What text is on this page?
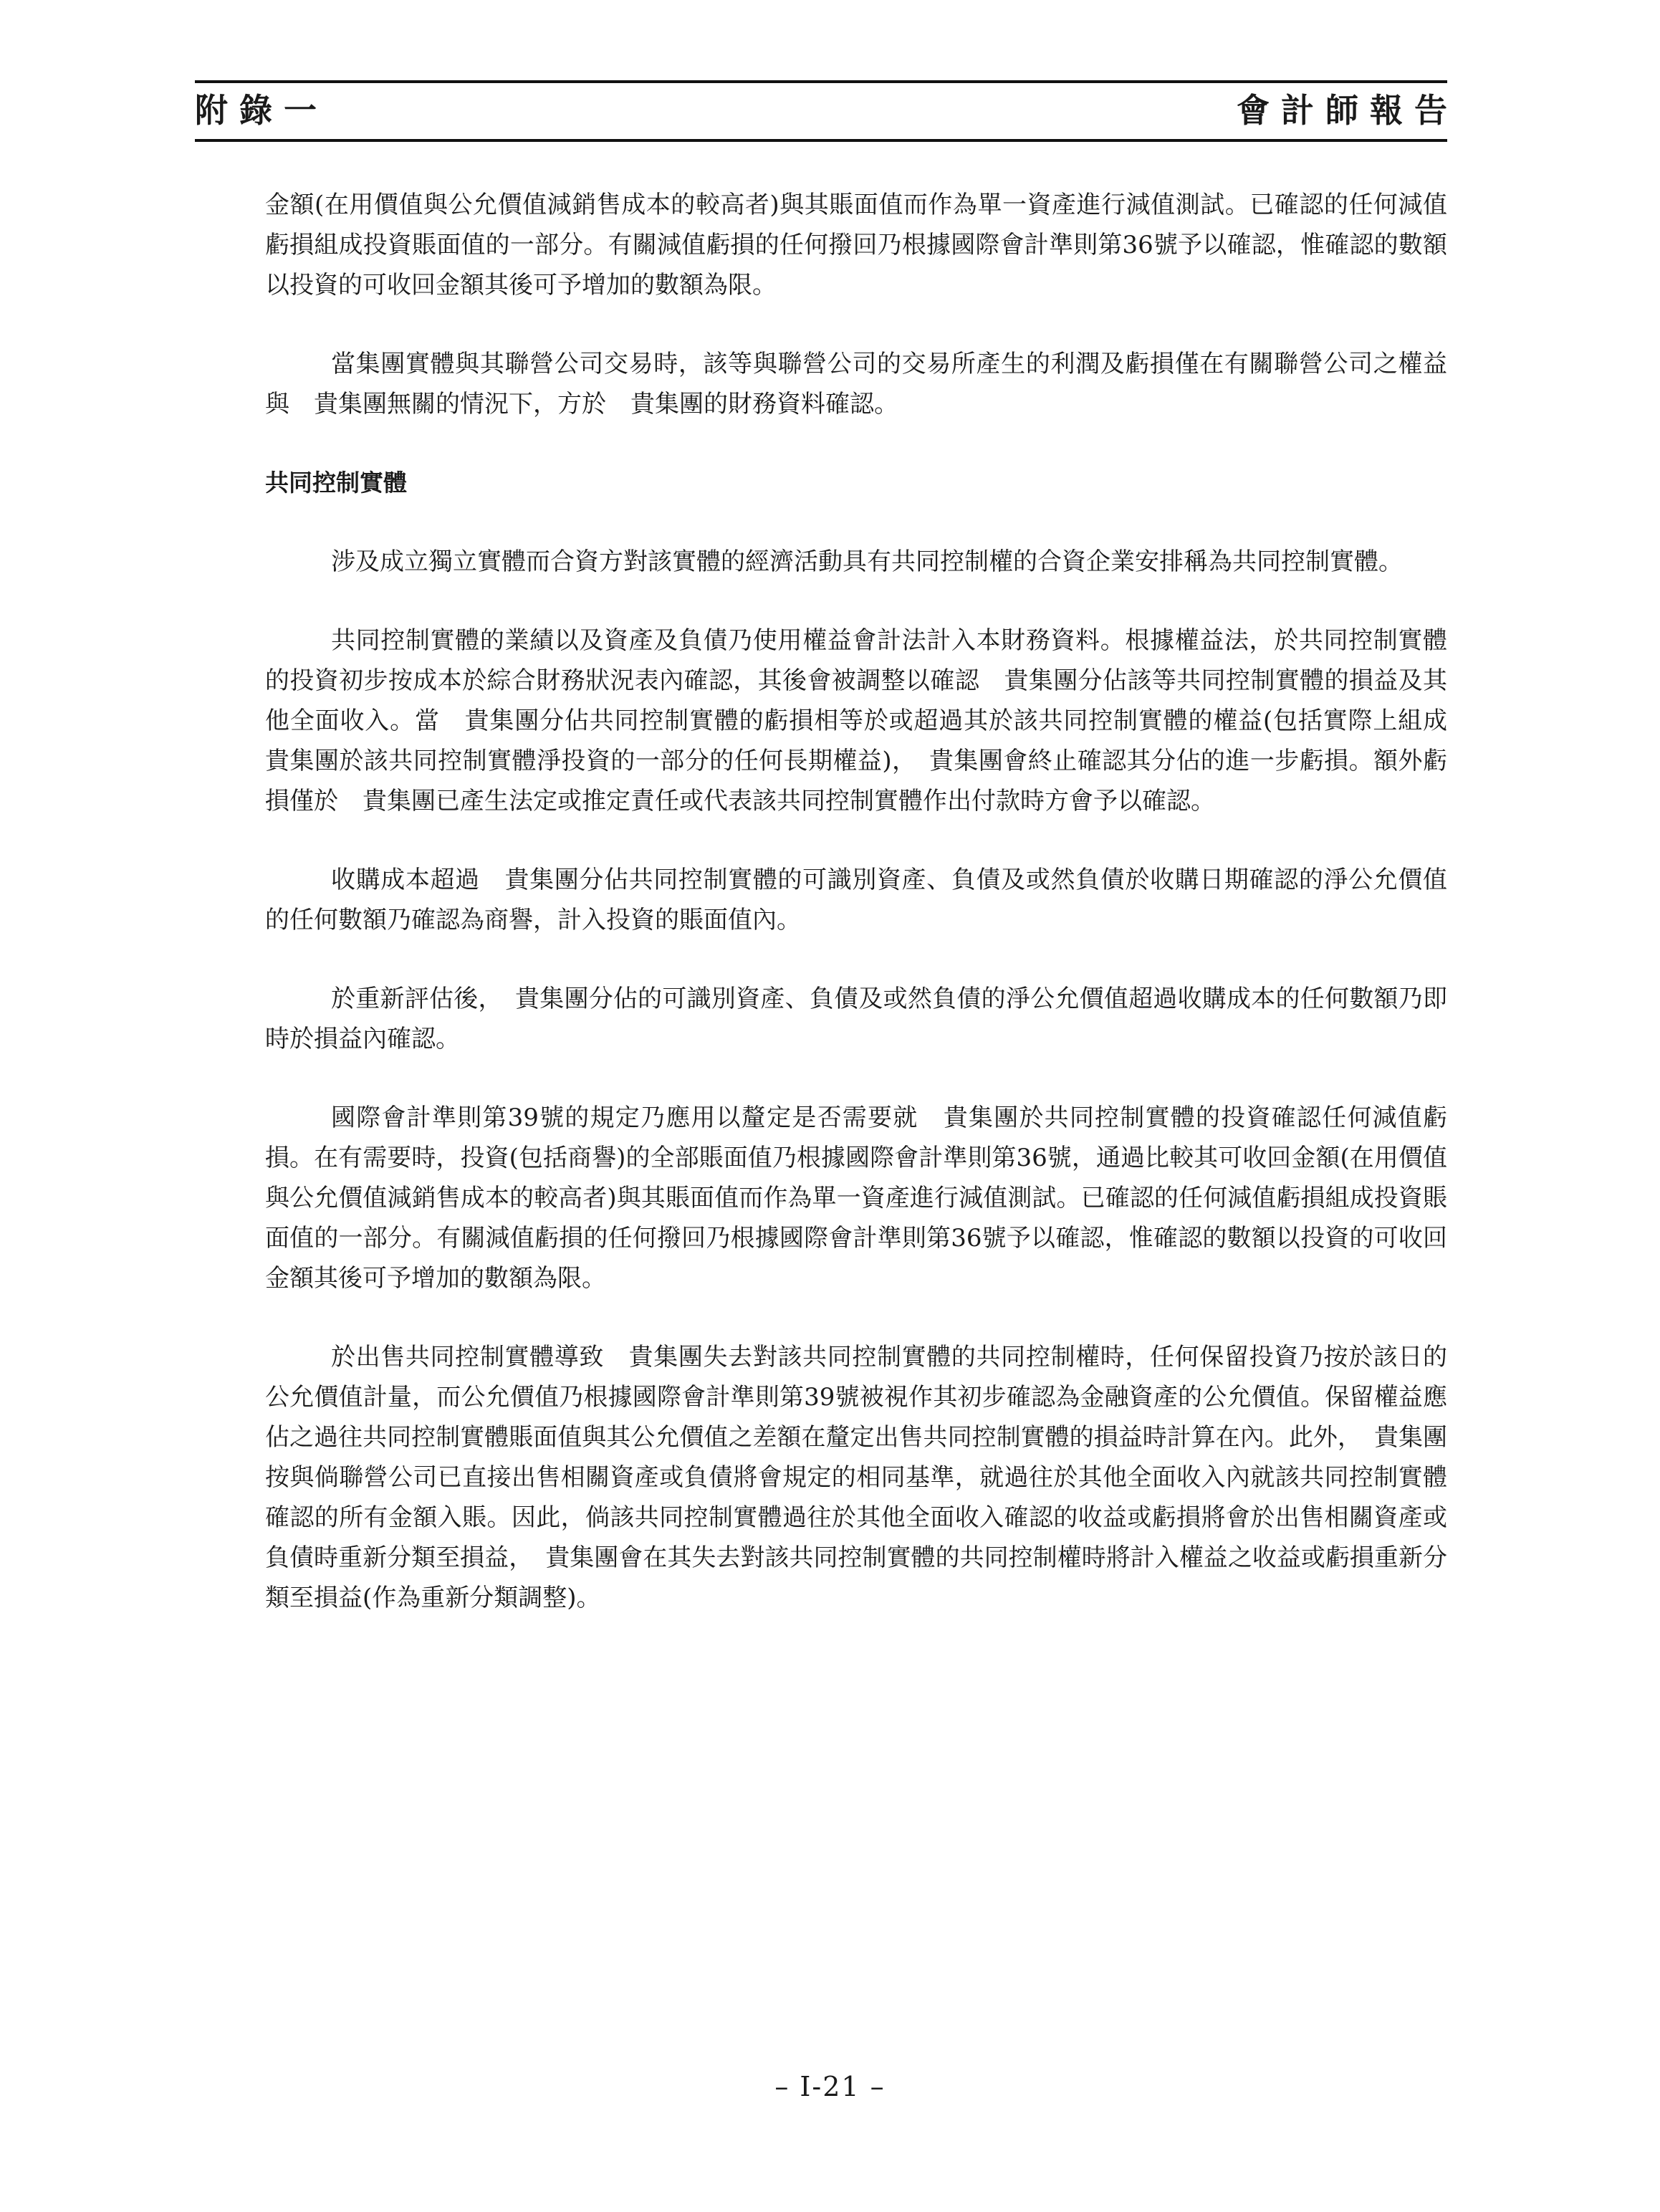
附錄一	會計師報告

金額(在用價值與公允價值減銷售成本的較高者)與其賬面值而作為單一資產進行減值測試。已確認的任何減值虧損組成投資賬面值的一部分。有關減值虧損的任何撥回乃根據國際會計準則第36號予以確認，惟確認的數額以投資的可收回金額其後可予增加的數額為限。

當集團實體與其聯營公司交易時，該等與聯營公司的交易所產生的利潤及虧損僅在有關聯營公司之權益與　貴集團無關的情況下，方於　貴集團的財務資料確認。

共同控制實體

涉及成立獨立實體而合資方對該實體的經濟活動具有共同控制權的合資企業安排稱為共同控制實體。

共同控制實體的業績以及資產及負債乃使用權益會計法計入本財務資料。根據權益法，於共同控制實體的投資初步按成本於綜合財務狀況表內確認，其後會被調整以確認　貴集團分佔該等共同控制實體的損益及其他全面收入。當　貴集團分佔共同控制實體的虧損相等於或超過其於該共同控制實體的權益(包括實際上組成　貴集團於該共同控制實體淨投資的一部分的任何長期權益)，　貴集團會終止確認其分佔的進一步虧損。額外虧損僅於　貴集團已產生法定或推定責任或代表該共同控制實體作出付款時方會予以確認。

收購成本超過　貴集團分佔共同控制實體的可識別資產、負債及或然負債於收購日期確認的淨公允價值的任何數額乃確認為商譽，計入投資的賬面值內。

於重新評估後，　貴集團分佔的可識別資產、負債及或然負債的淨公允價值超過收購成本的任何數額乃即時於損益內確認。

國際會計準則第39號的規定乃應用以釐定是否需要就　貴集團於共同控制實體的投資確認任何減值虧損。在有需要時，投資(包括商譽)的全部賬面值乃根據國際會計準則第36號，通過比較其可收回金額(在用價值與公允價值減銷售成本的較高者)與其賬面值而作為單一資產進行減值測試。已確認的任何減值虧損組成投資賬面值的一部分。有關減值虧損的任何撥回乃根據國際會計準則第36號予以確認，惟確認的數額以投資的可收回金額其後可予增加的數額為限。

於出售共同控制實體導致　貴集團失去對該共同控制實體的共同控制權時，任何保留投資乃按於該日的公允價值計量，而公允價值乃根據國際會計準則第39號被視作其初步確認為金融資產的公允價值。保留權益應佔之過往共同控制實體賬面值與其公允價值之差額在釐定出售共同控制實體的損益時計算在內。此外，　貴集團按與倘聯營公司已直接出售相關資產或負債將會規定的相同基準，就過往於其他全面收入內就該共同控制實體確認的所有金額入賬。因此，倘該共同控制實體過往於其他全面收入確認的收益或虧損將會於出售相關資產或負債時重新分類至損益，　貴集團會在其失去對該共同控制實體的共同控制權時將計入權益之收益或虧損重新分類至損益(作為重新分類調整)。

– I-21 –
